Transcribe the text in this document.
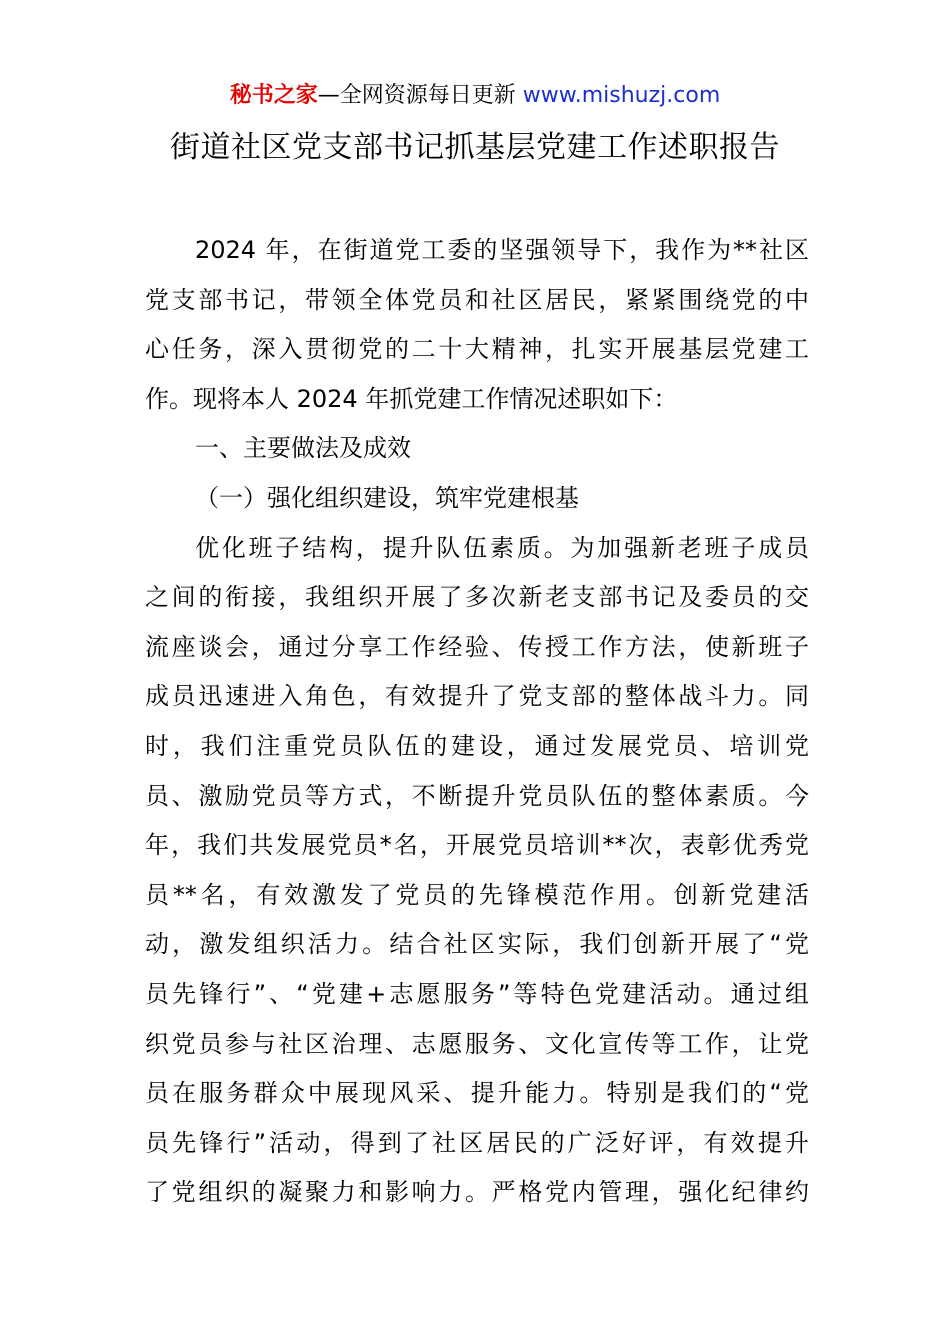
秘书之家—全网资源每日更新 www.mishuzj.com
街道社区党支部书记抓基层党建工作述职报告
2024 年，在街道党工委的坚强领导下，我作为**社区
党支部书记，带领全体党员和社区居民，紧紧围绕党的中
心任务，深入贯彻党的二十大精神，扎实开展基层党建工
作。现将本人 2024 年抓党建工作情况述职如下：
一、主要做法及成效
（一）强化组织建设，筑牢党建根基
优化班子结构，提升队伍素质。为加强新老班子成员
之间的衔接，我组织开展了多次新老支部书记及委员的交
流座谈会，通过分享工作经验、传授工作方法，使新班子
成员迅速进入角色，有效提升了党支部的整体战斗力。同
时，我们注重党员队伍的建设，通过发展党员、培训党
员、激励党员等方式，不断提升党员队伍的整体素质。今
年，我们共发展党员*名，开展党员培训**次，表彰优秀党
员**名，有效激发了党员的先锋模范作用。创新党建活
动，激发组织活力。结合社区实际，我们创新开展了“党
员先锋行”、“党建+志愿服务”等特色党建活动。通过组
织党员参与社区治理、志愿服务、文化宣传等工作，让党
员在服务群众中展现风采、提升能力。特别是我们的“党
员先锋行”活动，得到了社区居民的广泛好评，有效提升
了党组织的凝聚力和影响力。严格党内管理，强化纪律约
